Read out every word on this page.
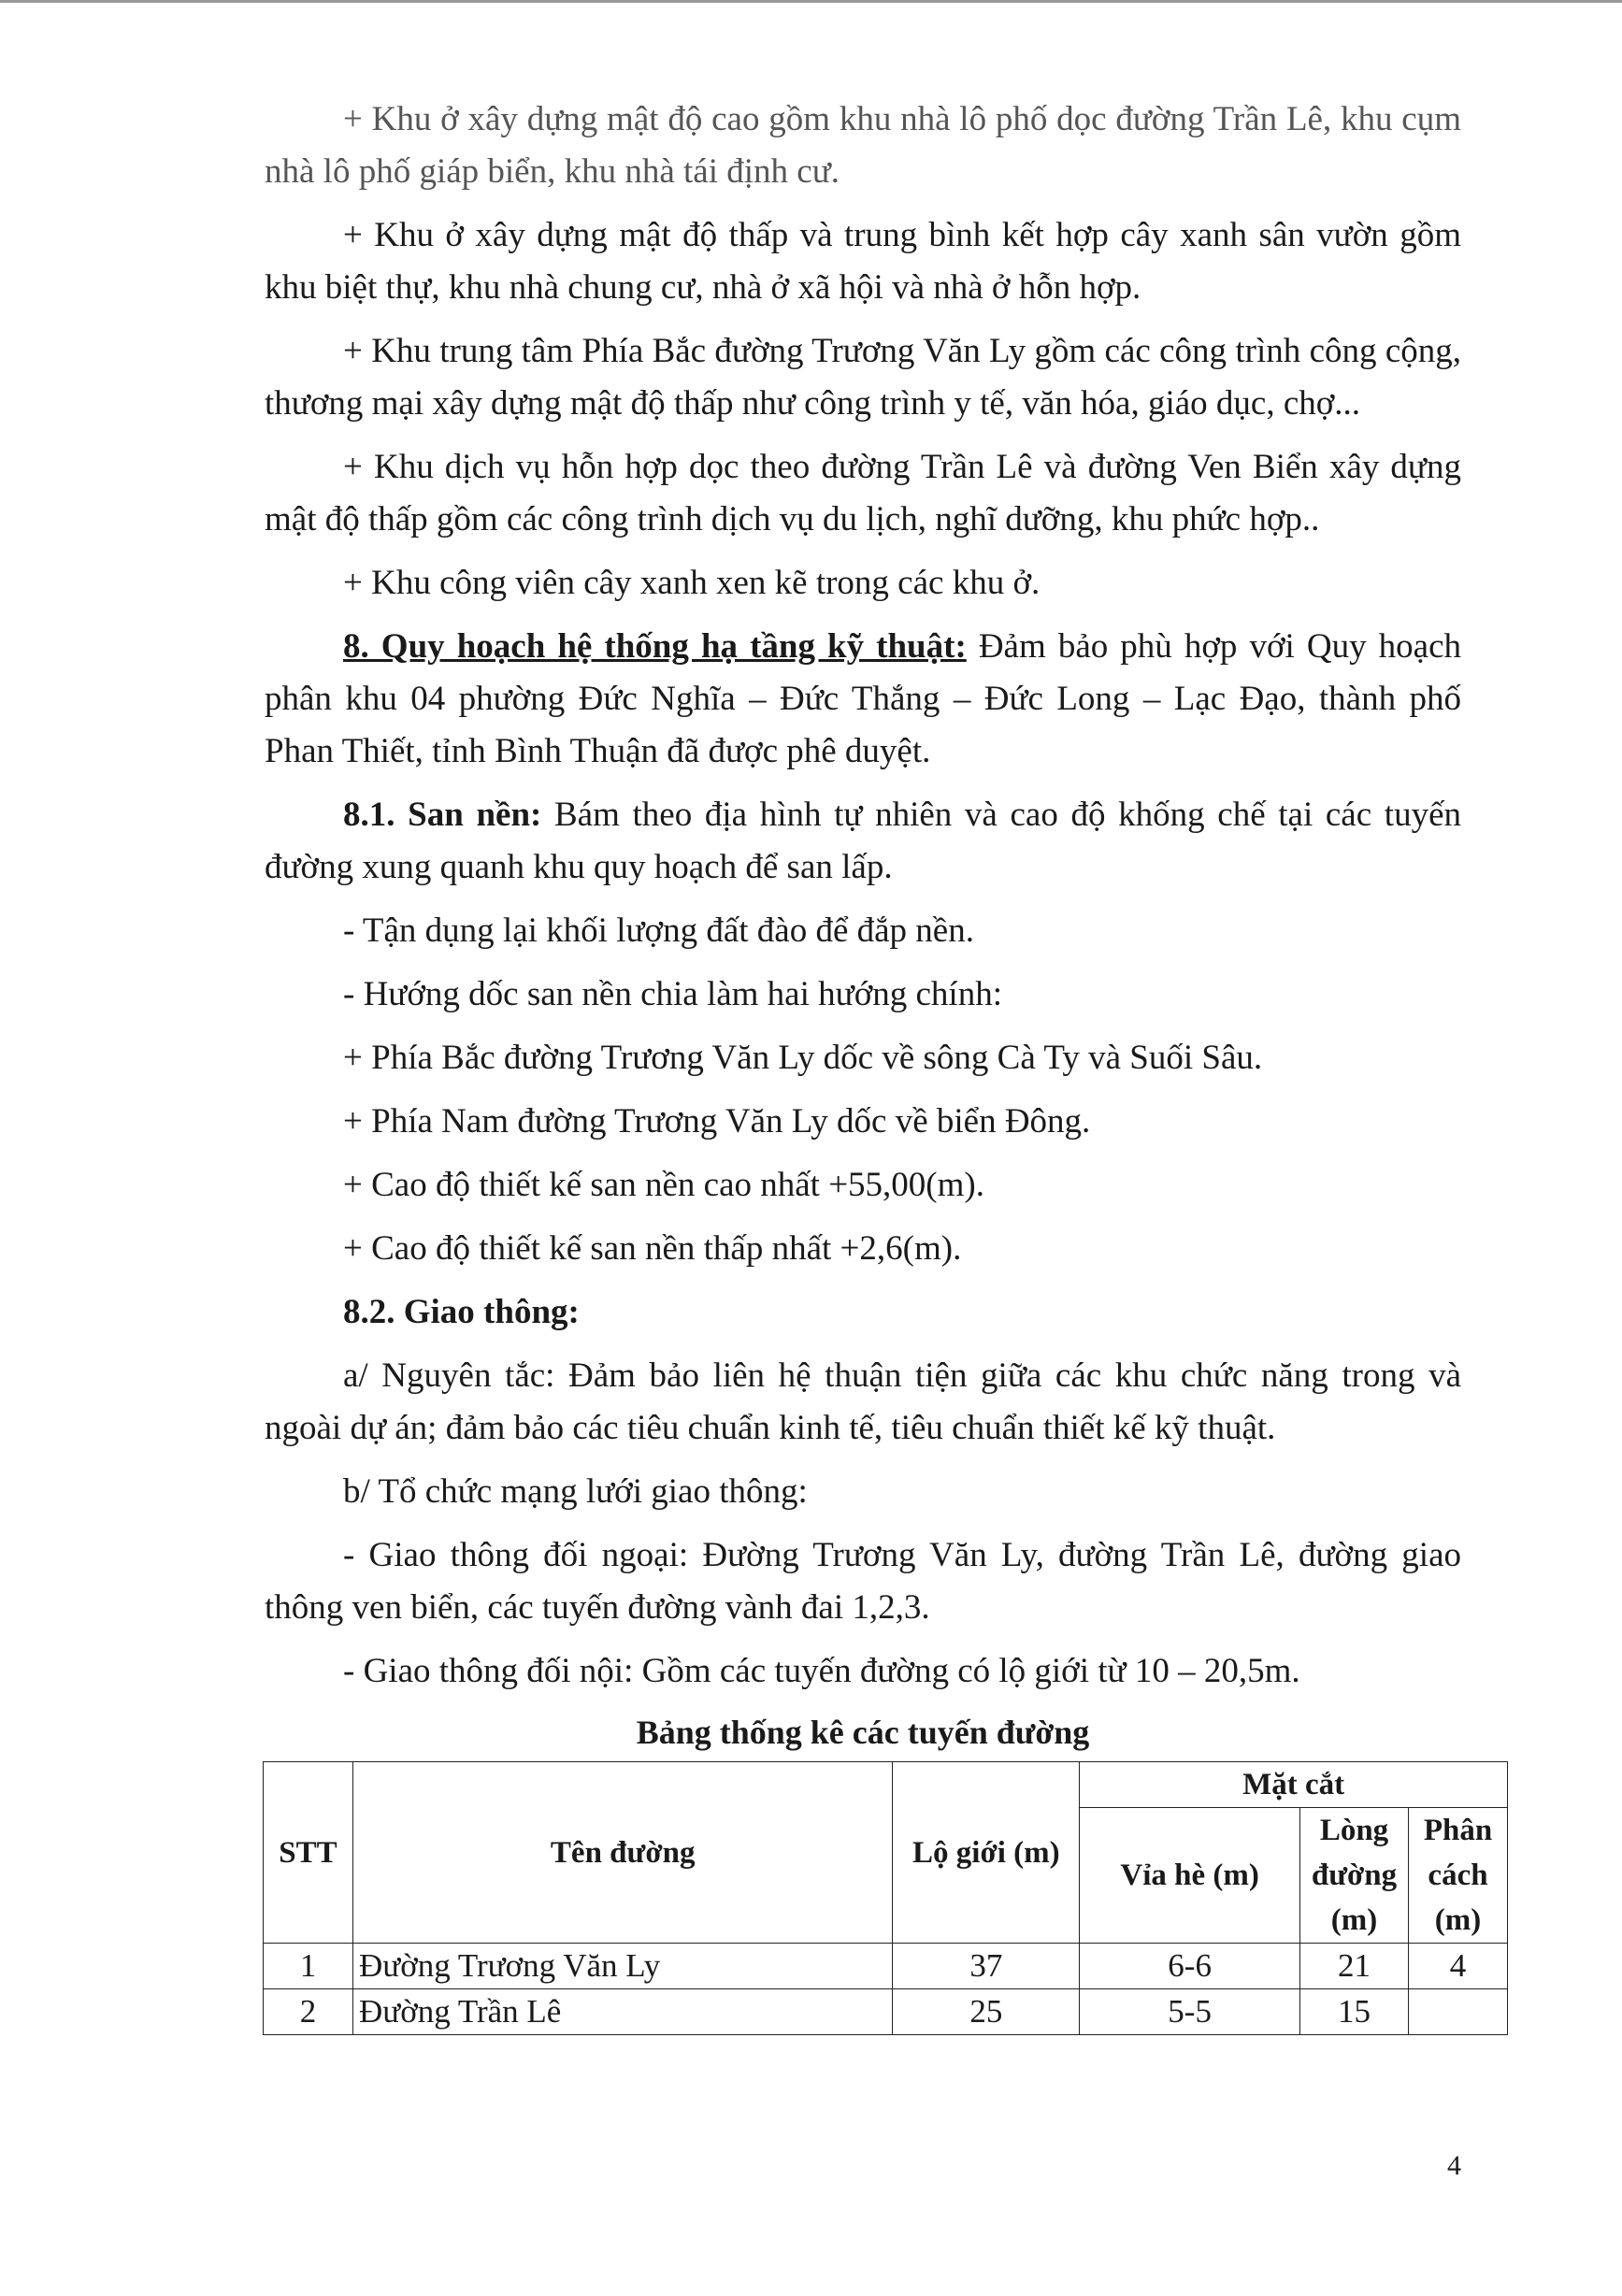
+ Khu ở xây dựng mật độ cao gồm khu nhà lô phố dọc đường Trần Lê, khu cụm nhà lô phố giáp biển, khu nhà tái định cư.

+ Khu ở xây dựng mật độ thấp và trung bình kết hợp cây xanh sân vườn gồm khu biệt thự, khu nhà chung cư, nhà ở xã hội và nhà ở hỗn hợp.

+ Khu trung tâm Phía Bắc đường Trương Văn Ly gồm các công trình công cộng, thương mại xây dựng mật độ thấp như công trình y tế, văn hóa, giáo dục, chợ...

+ Khu dịch vụ hỗn hợp dọc theo đường Trần Lê và đường Ven Biển xây dựng mật độ thấp gồm các công trình dịch vụ du lịch, nghĩ dưỡng, khu phức hợp..

+ Khu công viên cây xanh xen kẽ trong các khu ở.

8. Quy hoạch hệ thống hạ tầng kỹ thuật: Đảm bảo phù hợp với Quy hoạch phân khu 04 phường Đức Nghĩa – Đức Thắng – Đức Long – Lạc Đạo, thành phố Phan Thiết, tỉnh Bình Thuận đã được phê duyệt.

8.1. San nền: Bám theo địa hình tự nhiên và cao độ khống chế tại các tuyến đường xung quanh khu quy hoạch để san lấp.

- Tận dụng lại khối lượng đất đào để đắp nền.

- Hướng dốc san nền chia làm hai hướng chính:

+ Phía Bắc đường Trương Văn Ly dốc về sông Cà Ty và Suối Sâu.

+ Phía Nam đường Trương Văn Ly dốc về biển Đông.

+ Cao độ thiết kế san nền cao nhất +55,00(m).

+ Cao độ thiết kế san nền thấp nhất +2,6(m).

8.2. Giao thông:

a/ Nguyên tắc: Đảm bảo liên hệ thuận tiện giữa các khu chức năng trong và ngoài dự án; đảm bảo các tiêu chuẩn kinh tế, tiêu chuẩn thiết kế kỹ thuật.

b/ Tổ chức mạng lưới giao thông:

- Giao thông đối ngoại: Đường Trương Văn Ly, đường Trần Lê, đường giao thông ven biển, các tuyến đường vành đai 1,2,3.

- Giao thông đối nội: Gồm các tuyến đường có lộ giới từ 10 – 20,5m.

Bảng thống kê các tuyến đường
STT	Tên đường	Lộ giới (m)	Mặt cắt		
			Vỉa hè (m)	Lòng đường (m)	Phân cách (m)
1	Đường Trương Văn Ly	37	6-6	21	4
2	Đường Trần Lê	25	5-5	15	
4
